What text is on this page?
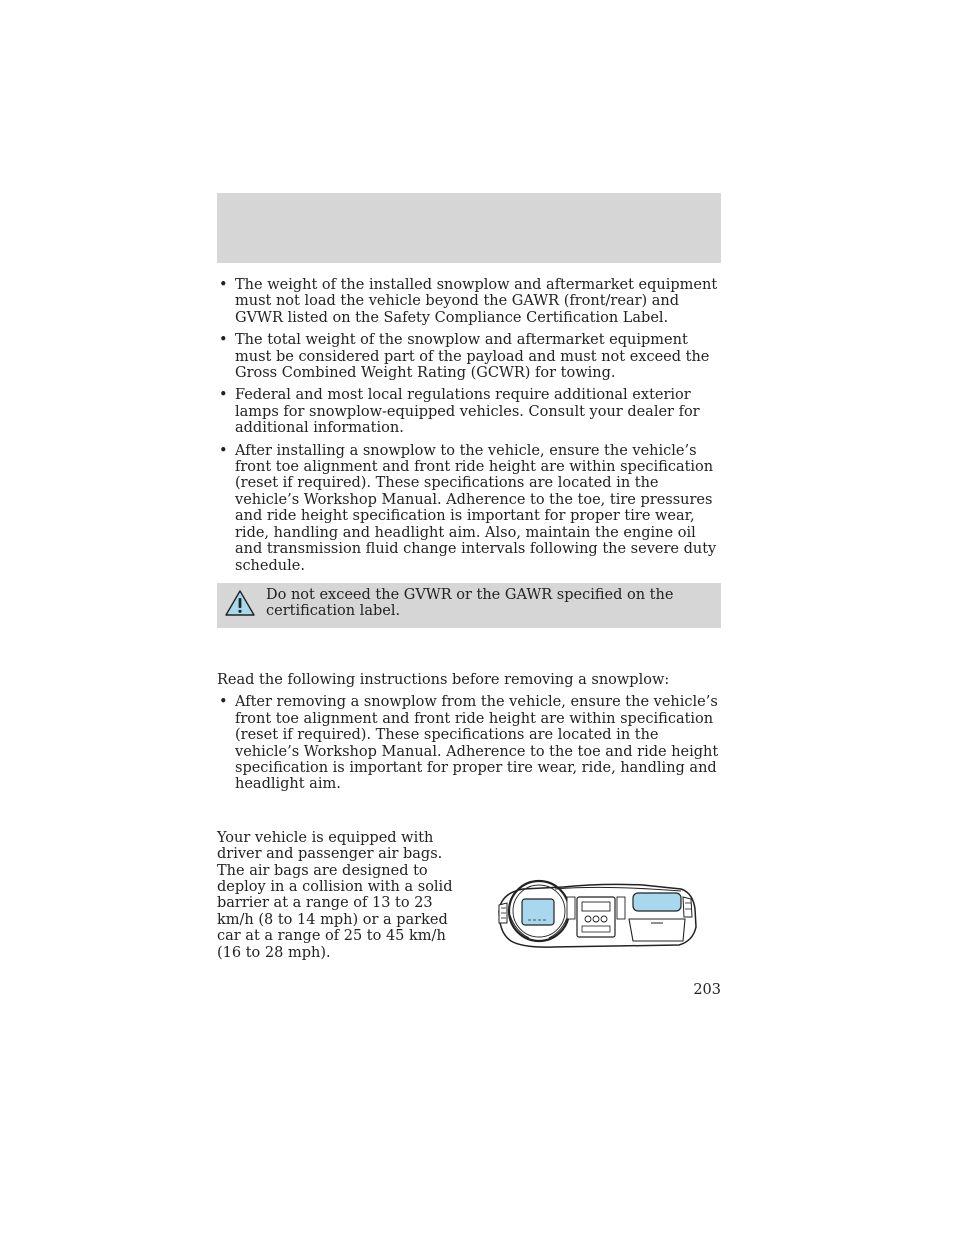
• The weight of the installed snowplow and aftermarket equipment must not load the vehicle beyond the GAWR (front/rear) and GVWR listed on the Safety Compliance Certification Label.
• The total weight of the snowplow and aftermarket equipment must be considered part of the payload and must not exceed the Gross Combined Weight Rating (GCWR) for towing.
• Federal and most local regulations require additional exterior lamps for snowplow-equipped vehicles. Consult your dealer for additional information.
• After installing a snowplow to the vehicle, ensure the vehicle’s front toe alignment and front ride height are within specification (reset if required). These specifications are located in the vehicle’s Workshop Manual. Adherence to the toe, tire pressures and ride height specification is important for proper tire wear, ride, handling and headlight aim. Also, maintain the engine oil and transmission fluid change intervals following the severe duty schedule.
Do not exceed the GVWR or the GAWR specified on the certification label.

Read the following instructions before removing a snowplow:

• After removing a snowplow from the vehicle, ensure the vehicle’s front toe alignment and front ride height are within specification (reset if required). These specifications are located in the vehicle’s Workshop Manual. Adherence to the toe and ride height specification is important for proper tire wear, ride, handling and headlight aim.

Your vehicle is equipped with driver and passenger air bags. The air bags are designed to deploy in a collision with a solid barrier at a range of 13 to 23 km/h (8 to 14 mph) or a parked car at a range of 25 to 45 km/h (16 to 28 mph).

203
